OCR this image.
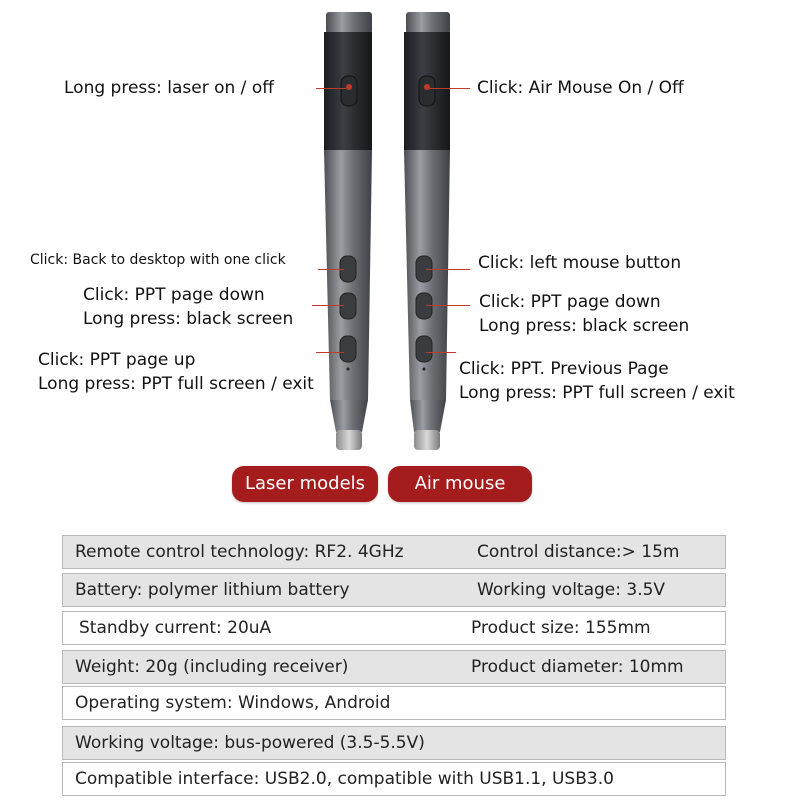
Long press: laser on / off	Click: Air Mouse On / Off
Click: Back to desktop with one click	Click: left mouse button
Click: PPT page down
Long press: black screen
Click: PPT page down
Long press: black screen
Click: PPT page up
Long press: PPT full screen / exit
Click: PPT. Previous Page
Long press: PPT full screen / exit
Laser models	Air mouse
Remote control technology: RF2. 4GHz	Control distance:> 15m
Battery: polymer lithium battery	Working voltage: 3.5V
Standby current: 20uA	Product size: 155mm
Weight: 20g (including receiver)	Product diameter: 10mm
Operating system: Windows, Android
Working voltage: bus-powered (3.5-5.5V)
Compatible interface: USB2.0, compatible with USB1.1, USB3.0
